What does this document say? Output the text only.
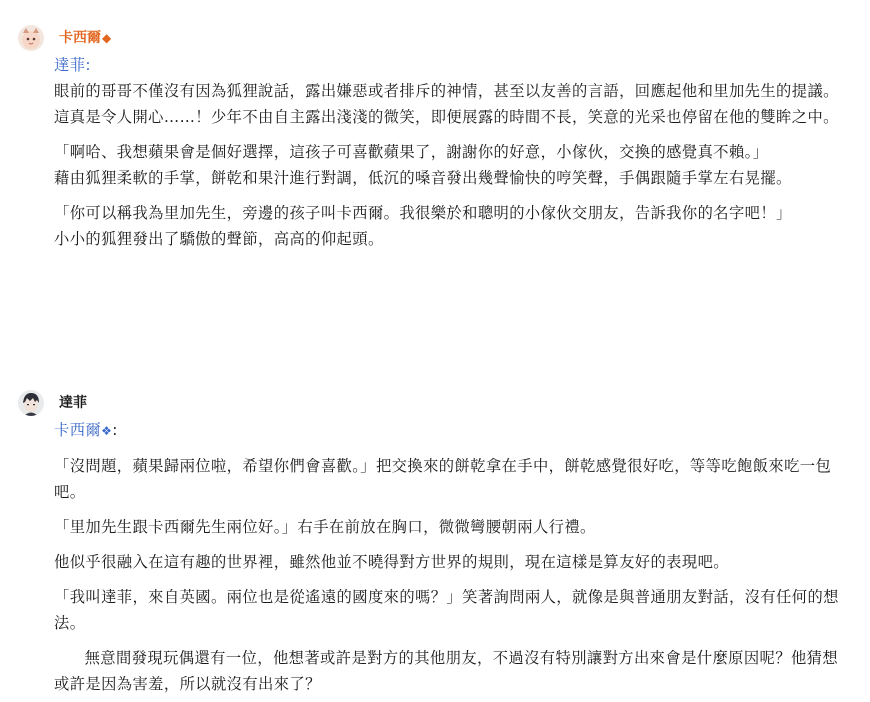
卡西爾◆
達菲:

眼前的哥哥不僅沒有因為狐狸說話，露出嫌惡或者排斥的神情，甚至以友善的言語，回應起他和里加先生的提議。

這真是令人開心……！少年不由自主露出淺淺的微笑，即便展露的時間不長，笑意的光采也停留在他的雙眸之中。

「啊哈、我想蘋果會是個好選擇，這孩子可喜歡蘋果了，謝謝你的好意，小傢伙，交換的感覺真不賴。」

藉由狐狸柔軟的手掌，餅乾和果汁進行對調，低沉的嗓音發出幾聲愉快的哼笑聲，手偶跟隨手掌左右晃擺。

「你可以稱我為里加先生，旁邊的孩子叫卡西爾。我很樂於和聰明的小傢伙交朋友，告訴我你的名字吧！」

小小的狐狸發出了驕傲的聲節，高高的仰起頭。

達菲
卡西爾❖:

「沒問題，蘋果歸兩位啦，希望你們會喜歡。」把交換來的餅乾拿在手中，餅乾感覺很好吃，等等吃飽飯來吃一包吧。

「里加先生跟卡西爾先生兩位好。」右手在前放在胸口，微微彎腰朝兩人行禮。

他似乎很融入在這有趣的世界裡，雖然他並不曉得對方世界的規則，現在這樣是算友好的表現吧。

「我叫達菲，來自英國。兩位也是從遙遠的國度來的嗎？」笑著詢問兩人，就像是與普通朋友對話，沒有任何的想法。

無意間發現玩偶還有一位，他想著或許是對方的其他朋友，不過沒有特別讓對方出來會是什麼原因呢？他猜想或許是因為害羞，所以就沒有出來了？
